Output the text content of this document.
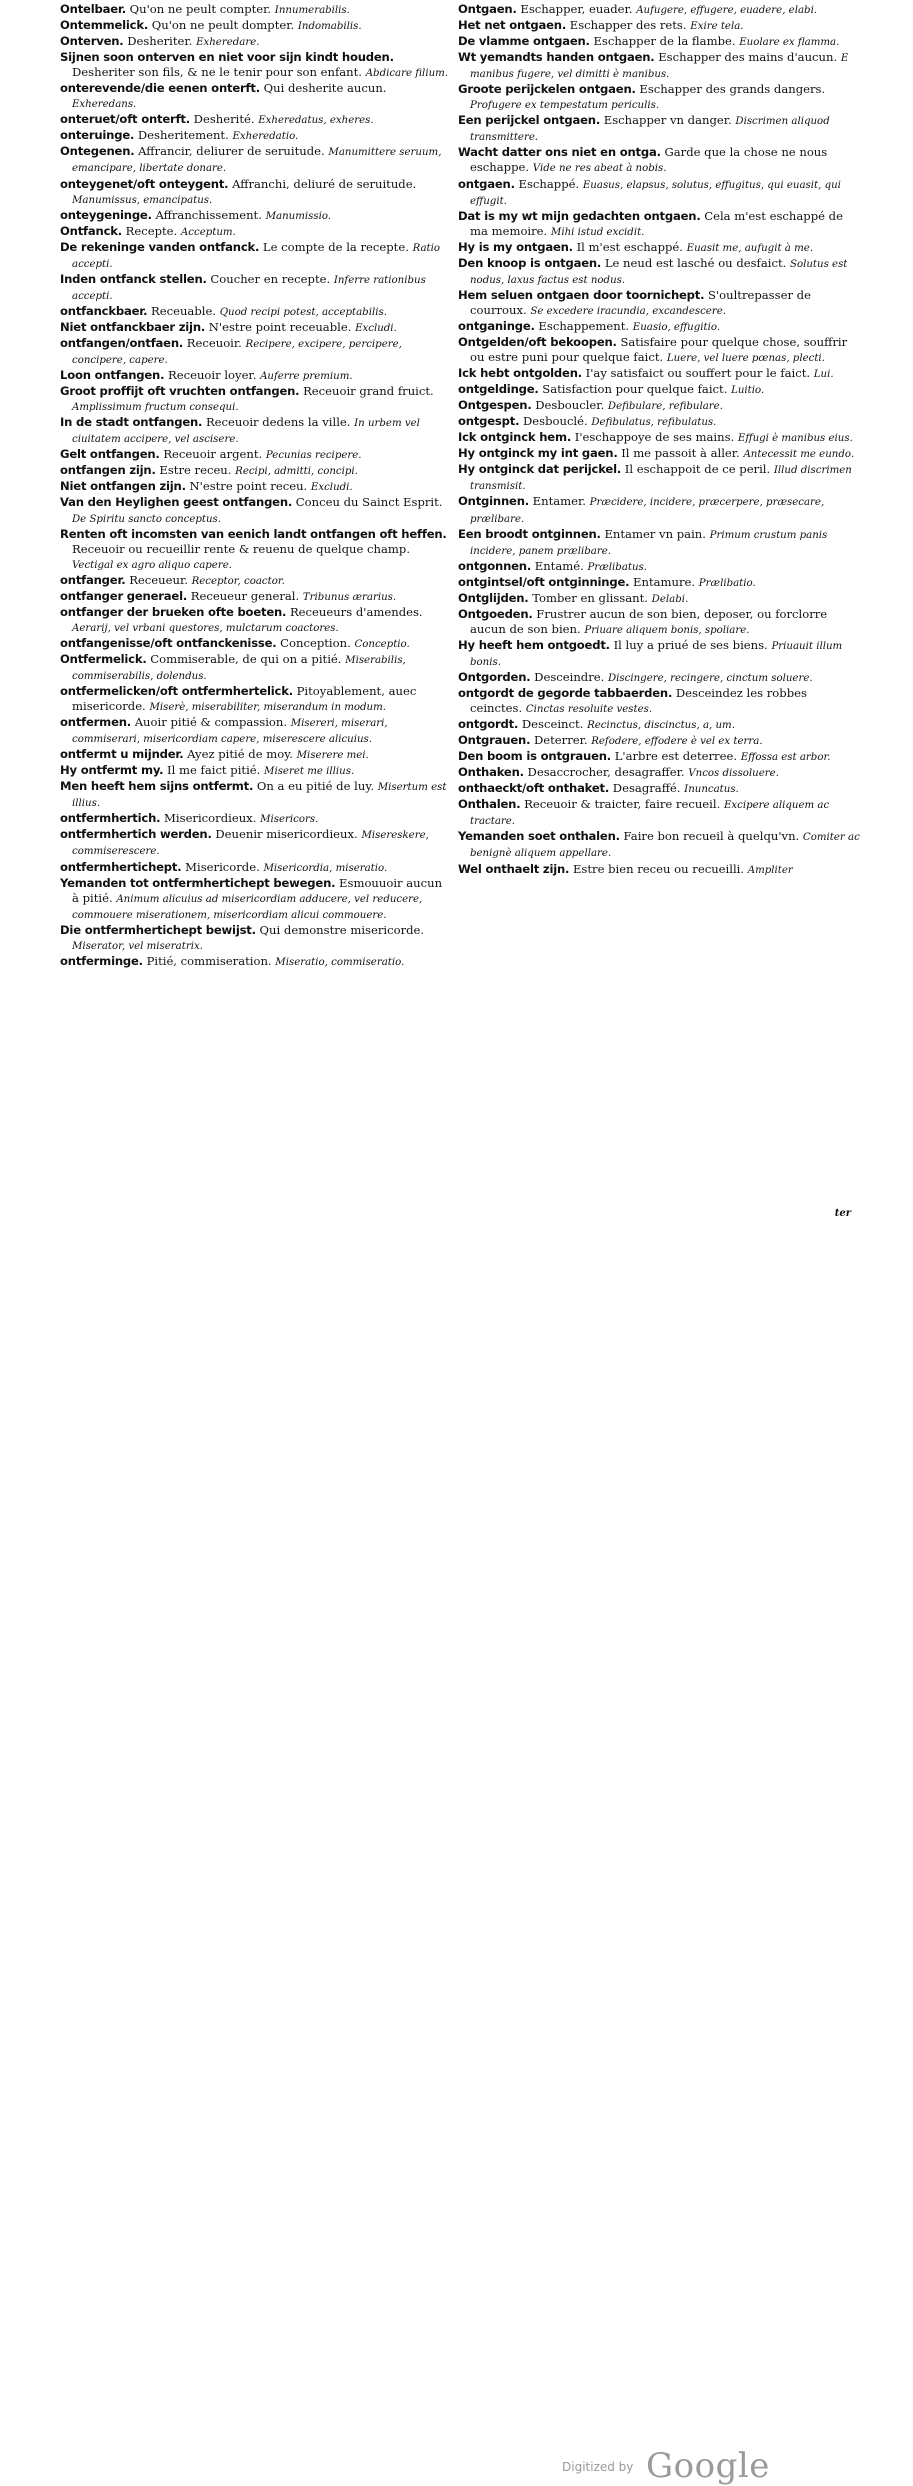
Ontelbaer. Qu'on ne peult compter. Innumerabilis.

Ontemmelick. Qu'on ne peult dompter. Indomabilis.

Onterven. Desheriter. Exheredare.

Sijnen soon onterven en niet voor sijn kindt houden. Desheriter son fils, & ne le tenir pour son enfant. Abdicare filium.

onterevende/die eenen onterft. Qui desherite aucun. Exheredans.

onteruet/oft onterft. Desherité. Exheredatus, exheres.

onteruinge. Desheritement. Exheredatio.

Ontegenen. Affrancir, deliurer de seruitude. Manumittere seruum, emancipare, libertate donare.

onteygenet/oft onteygent. Affranchi, deliuré de seruitude. Manumissus, emancipatus.

onteygeninge. Affranchissement. Manumissio.

Ontfanck. Recepte. Acceptum.

De rekeninge vanden ontfanck. Le compte de la recepte. Ratio accepti.

Inden ontfanck stellen. Coucher en recepte. Inferre rationibus accepti.

ontfanckbaer. Receuable. Quod recipi potest, acceptabilis.

Niet ontfanckbaer zijn. N'estre point receuable. Excludi.

ontfangen/ontfaen. Receuoir. Recipere, excipere, percipere, concipere, capere.

Loon ontfangen. Receuoir loyer. Auferre premium.

Groot proffijt oft vruchten ontfangen. Receuoir grand fruict. Amplissimum fructum consequi.

In de stadt ontfangen. Receuoir dedens la ville. In urbem vel ciuitatem accipere, vel ascisere.

Gelt ontfangen. Receuoir argent. Pecunias recipere.

ontfangen zijn. Estre receu. Recipi, admitti, concipi.

Niet ontfangen zijn. N'estre point receu. Excludi.

Van den Heylighen geest ontfangen. Conceu du Sainct Esprit. De Spiritu sancto conceptus.

Renten oft incomsten van eenich landt ontfangen oft heffen. Receuoir ou recueillir rente & reuenu de quelque champ. Vectigal ex agro aliquo capere.

ontfanger. Receueur. Receptor, coactor.

ontfanger generael. Receueur general. Tribunus ærarius.

ontfanger der brueken ofte boeten. Receueurs d'amendes. Aerarij, vel vrbani questores, mulctarum coactores.

ontfangenisse/oft ontfanckenisse. Conception. Conceptio.

Ontfermelick. Commiserable, de qui on a pitié. Miserabilis, commiserabilis, dolendus.

ontfermelicken/oft ontfermhertelick. Pitoyablement, auec misericorde. Miserè, miserabiliter, miserandum in modum.

ontfermen. Auoir pitié & compassion. Misereri, miserari, commiserari, misericordiam capere, miserescere alicuius.

ontfermt u mijnder. Ayez pitié de moy. Miserere mei.

Hy ontfermt my. Il me faict pitié. Miseret me illius.

Men heeft hem sijns ontfermt. On a eu pitié de luy. Misertum est illius.

ontfermhertich. Misericordieux. Misericors.

ontfermhertich werden. Deuenir misericordieux. Misereskere, commiserescere.

ontfermhertichept. Misericorde. Misericordia, miseratio.

Yemanden tot ontfermhertichept bewegen. Esmouuoir aucun à pitié. Animum alicuius ad misericordiam adducere, vel reducere, commouere miserationem, misericordiam alicui commouere.

Die ontfermhertichept bewijst. Qui demonstre misericorde. Miserator, vel miseratrix.

ontferminge. Pitié, commiseration. Miseratio, commiseratio.

Ontgaen. Eschapper, euader. Aufugere, effugere, euadere, elabi.

Het net ontgaen. Eschapper des rets. Exire tela.

De vlamme ontgaen. Eschapper de la flambe. Euolare ex flamma.

Wt yemandts handen ontgaen. Eschapper des mains d'aucun. E manibus fugere, vel dimitti è manibus.

Groote perijckelen ontgaen. Eschapper des grands dangers. Profugere ex tempestatum periculis.

Een perijckel ontgaen. Eschapper vn danger. Discrimen aliquod transmittere.

Wacht datter ons niet en ontga. Garde que la chose ne nous eschappe. Vide ne res abeat à nobis.

ontgaen. Eschappé. Euasus, elapsus, solutus, effugitus, qui euasit, qui effugit.

Dat is my wt mijn gedachten ontgaen. Cela m'est eschappé de ma memoire. Mihi istud excidit.

Hy is my ontgaen. Il m'est eschappé. Euasit me, aufugit à me.

Den knoop is ontgaen. Le neud est lasché ou desfaict. Solutus est nodus, laxus factus est nodus.

Hem seluen ontgaen door toornichept. S'oultrepasser de courroux. Se excedere iracundia, excandescere.

ontganinge. Eschappement. Euasio, effugitio.

Ontgelden/oft bekoopen. Satisfaire pour quelque chose, souffrir ou estre puni pour quelque faict. Luere, vel luere pœnas, plecti.

Ick hebt ontgolden. I'ay satisfaict ou souffert pour le faict. Lui.

ontgeldinge. Satisfaction pour quelque faict. Luitio.

Ontgespen. Desboucler. Defibulare, refibulare.

ontgespt. Desbouclé. Defibulatus, refibulatus.

Ick ontginck hem. I'eschappoye de ses mains. Effugi è manibus eius.

Hy ontginck my int gaen. Il me passoit à aller. Antecessit me eundo.

Hy ontginck dat perijckel. Il eschappoit de ce peril. Illud discrimen transmisit.

Ontginnen. Entamer. Præcidere, incidere, præcerpere, præsecare, prælibare.

Een broodt ontginnen. Entamer vn pain. Primum crustum panis incidere, panem prælibare.

ontgonnen. Entamé. Prælibatus.

ontgintsel/oft ontginninge. Entamure. Prælibatio.

Ontglijden. Tomber en glissant. Delabi.

Ontgoeden. Frustrer aucun de son bien, deposer, ou forclorre aucun de son bien. Priuare aliquem bonis, spoliare.

Hy heeft hem ontgoedt. Il luy a priué de ses biens. Priuauit illum bonis.

Ontgorden. Desceindre. Discingere, recingere, cinctum soluere.

ontgordt de gegorde tabbaerden. Desceindez les robbes ceinctes. Cinctas resoluite vestes.

ontgordt. Desceinct. Recinctus, discinctus, a, um.

Ontgrauen. Deterrer. Refodere, effodere è vel ex terra.

Den boom is ontgrauen. L'arbre est deterree. Effossa est arbor.

Onthaken. Desaccrocher, desagraffer. Vncos dissoluere.

onthaeckt/oft onthaket. Desagraffé. Inuncatus.

Onthalen. Receuoir & traicter, faire recueil. Excipere aliquem ac tractare.

Yemanden soet onthalen. Faire bon recueil à quelqu'vn. Comiter ac benignè aliquem appellare.

Wel onthaelt zijn. Estre bien receu ou recueilli. Ampliter

ter
Digitized by Google
